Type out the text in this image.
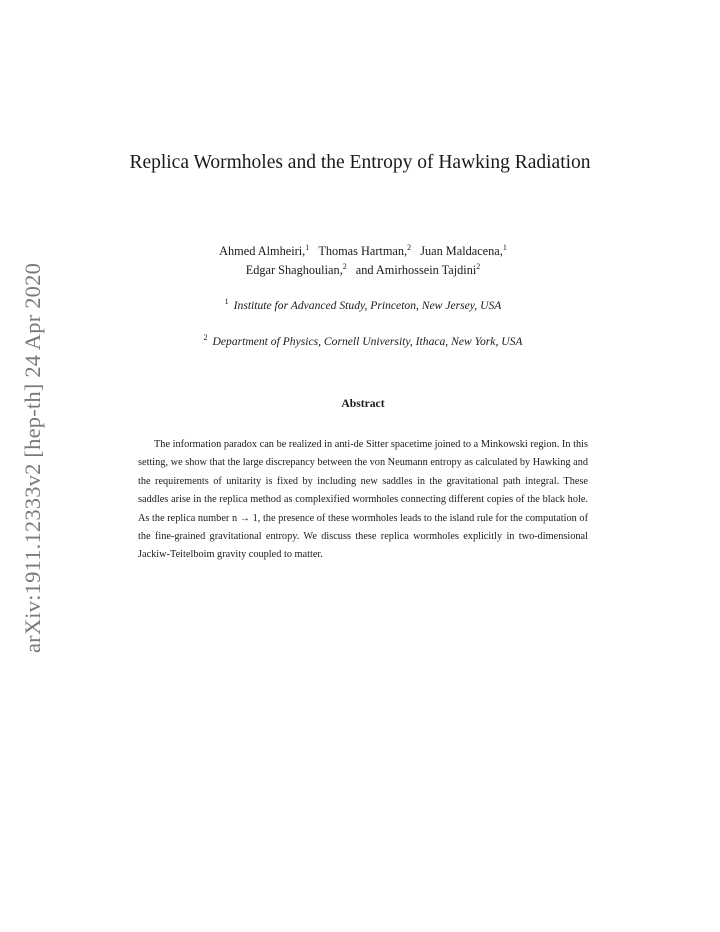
arXiv:1911.12333v2 [hep-th] 24 Apr 2020
Replica Wormholes and the Entropy of Hawking Radiation
Ahmed Almheiri,$^1$ Thomas Hartman,$^2$ Juan Maldacena,$^1$
Edgar Shaghoulian,$^2$ and Amirhossein Tajdini$^2$
$^1$ Institute for Advanced Study, Princeton, New Jersey, USA
$^2$ Department of Physics, Cornell University, Ithaca, New York, USA
Abstract

The information paradox can be realized in anti-de Sitter spacetime joined to a Minkowski region. In this setting, we show that the large discrepancy between the von Neumann entropy as calculated by Hawking and the requirements of unitarity is fixed by including new saddles in the gravitational path integral. These saddles arise in the replica method as complexified wormholes connecting different copies of the black hole. As the replica number n → 1, the presence of these wormholes leads to the island rule for the computation of the fine-grained gravitational entropy. We discuss these replica wormholes explicitly in two-dimensional Jackiw-Teitelboim gravity coupled to matter.
